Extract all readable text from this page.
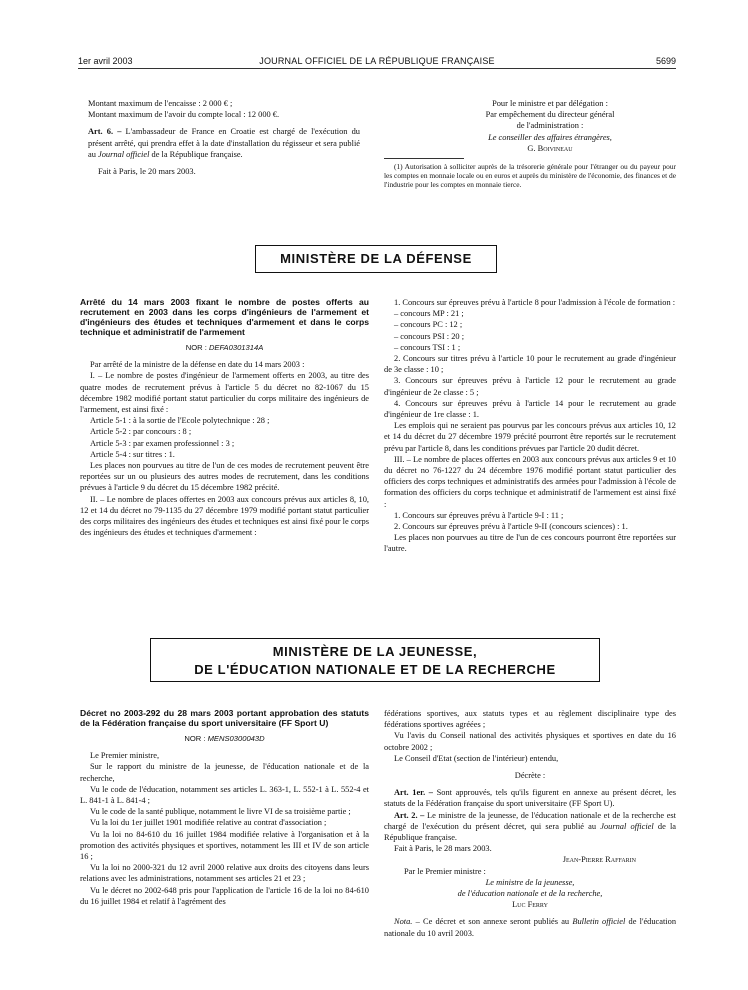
1er avril 2003	JOURNAL OFFICIEL DE LA RÉPUBLIQUE FRANÇAISE	5699

Montant maximum de l'encaisse : 2 000 € ;

Montant maximum de l'avoir du compte local : 12 000 €.

Art. 6. – L'ambassadeur de France en Croatie est chargé de l'exécution du présent arrêté, qui prendra effet à la date d'installation du régisseur et sera publié au Journal officiel de la République française.

Fait à Paris, le 20 mars 2003.

Pour le ministre et par délégation :

Par empêchement du directeur général

de l'administration :

Le conseiller des affaires étrangères,

G. Boivineau

(1) Autorisation à solliciter auprès de la trésorerie générale pour l'étranger ou du payeur pour les comptes en monnaie locale ou en euros et auprès du ministère de l'économie, des finances et de l'industrie pour les comptes en monnaie tierce.

MINISTÈRE DE LA DÉFENSE

Arrêté du 14 mars 2003 fixant le nombre de postes offerts au recrutement en 2003 dans les corps d'ingénieurs de l'armement et d'ingénieurs des études et techniques d'armement et dans le corps technique et administratif de l'armement

NOR : DEFA0301314A

Par arrêté de la ministre de la défense en date du 14 mars 2003 :

I. – Le nombre de postes d'ingénieur de l'armement offerts en 2003, au titre des quatre modes de recrutement prévus à l'article 5 du décret no 82-1067 du 15 décembre 1982 modifié portant statut particulier du corps militaire des ingénieurs de l'armement, est ainsi fixé :

Article 5-1 : à la sortie de l'Ecole polytechnique : 28 ;

Article 5-2 : par concours : 8 ;

Article 5-3 : par examen professionnel : 3 ;

Article 5-4 : sur titres : 1.

Les places non pourvues au titre de l'un de ces modes de recrutement peuvent être reportées sur un ou plusieurs des autres modes de recrutement, dans les conditions prévues à l'article 9 du décret du 15 décembre 1982 précité.

II. – Le nombre de places offertes en 2003 aux concours prévus aux articles 8, 10, 12 et 14 du décret no 79-1135 du 27 décembre 1979 modifié portant statut particulier des corps militaires des ingénieurs des études et techniques est ainsi fixé pour le corps des ingénieurs des études et techniques d'armement :

1. Concours sur épreuves prévu à l'article 8 pour l'admission à l'école de formation :

– concours MP : 21 ;

– concours PC : 12 ;

– concours PSI : 20 ;

– concours TSI : 1 ;

2. Concours sur titres prévu à l'article 10 pour le recrutement au grade d'ingénieur de 3e classe : 10 ;

3. Concours sur épreuves prévu à l'article 12 pour le recrutement au grade d'ingénieur de 2e classe : 5 ;

4. Concours sur épreuves prévu à l'article 14 pour le recrutement au grade d'ingénieur de 1re classe : 1.

Les emplois qui ne seraient pas pourvus par les concours prévus aux articles 10, 12 et 14 du décret du 27 décembre 1979 précité pourront être reportés sur le recrutement prévu par l'article 8, dans les conditions prévues par l'article 20 dudit décret.

III. – Le nombre de places offertes en 2003 aux concours prévus aux articles 9 et 10 du décret no 76-1227 du 24 décembre 1976 modifié portant statut particulier des officiers des corps techniques et administratifs des armées pour l'admission à l'école de formation des officiers du corps technique et administratif de l'armement est ainsi fixé :

1. Concours sur épreuves prévu à l'article 9-I : 11 ;

2. Concours sur épreuves prévu à l'article 9-II (concours sciences) : 1.

Les places non pourvues au titre de l'un de ces concours pourront être reportées sur l'autre.

MINISTÈRE DE LA JEUNESSE,
DE L'ÉDUCATION NATIONALE ET DE LA RECHERCHE

Décret no 2003-292 du 28 mars 2003 portant approbation des statuts de la Fédération française du sport universitaire (FF Sport U)

NOR : MENS0300043D

Le Premier ministre,

Sur le rapport du ministre de la jeunesse, de l'éducation nationale et de la recherche,

Vu le code de l'éducation, notamment ses articles L. 363-1, L. 552-1 à L. 552-4 et L. 841-1 à L. 841-4 ;

Vu le code de la santé publique, notamment le livre VI de sa troisième partie ;

Vu la loi du 1er juillet 1901 modifiée relative au contrat d'association ;

Vu la loi no 84-610 du 16 juillet 1984 modifiée relative à l'organisation et à la promotion des activités physiques et sportives, notamment les III et IV de son article 16 ;

Vu la loi no 2000-321 du 12 avril 2000 relative aux droits des citoyens dans leurs relations avec les administrations, notamment ses articles 21 et 23 ;

Vu le décret no 2002-648 pris pour l'application de l'article 16 de la loi no 84-610 du 16 juillet 1984 et relatif à l'agrément des

fédérations sportives, aux statuts types et au règlement disciplinaire type des fédérations sportives agréées ;

Vu l'avis du Conseil national des activités physiques et sportives en date du 16 octobre 2002 ;

Le Conseil d'Etat (section de l'intérieur) entendu,

Décrète :

Art. 1er. – Sont approuvés, tels qu'ils figurent en annexe au présent décret, les statuts de la Fédération française du sport universitaire (FF Sport U).

Art. 2. – Le ministre de la jeunesse, de l'éducation nationale et de la recherche est chargé de l'exécution du présent décret, qui sera publié au Journal officiel de la République française.

Fait à Paris, le 28 mars 2003.

Jean-Pierre Raffarin

Par le Premier ministre :

Le ministre de la jeunesse,

de l'éducation nationale et de la recherche,

Luc Ferry

Nota. – Ce décret et son annexe seront publiés au Bulletin officiel de l'éducation nationale du 10 avril 2003.
